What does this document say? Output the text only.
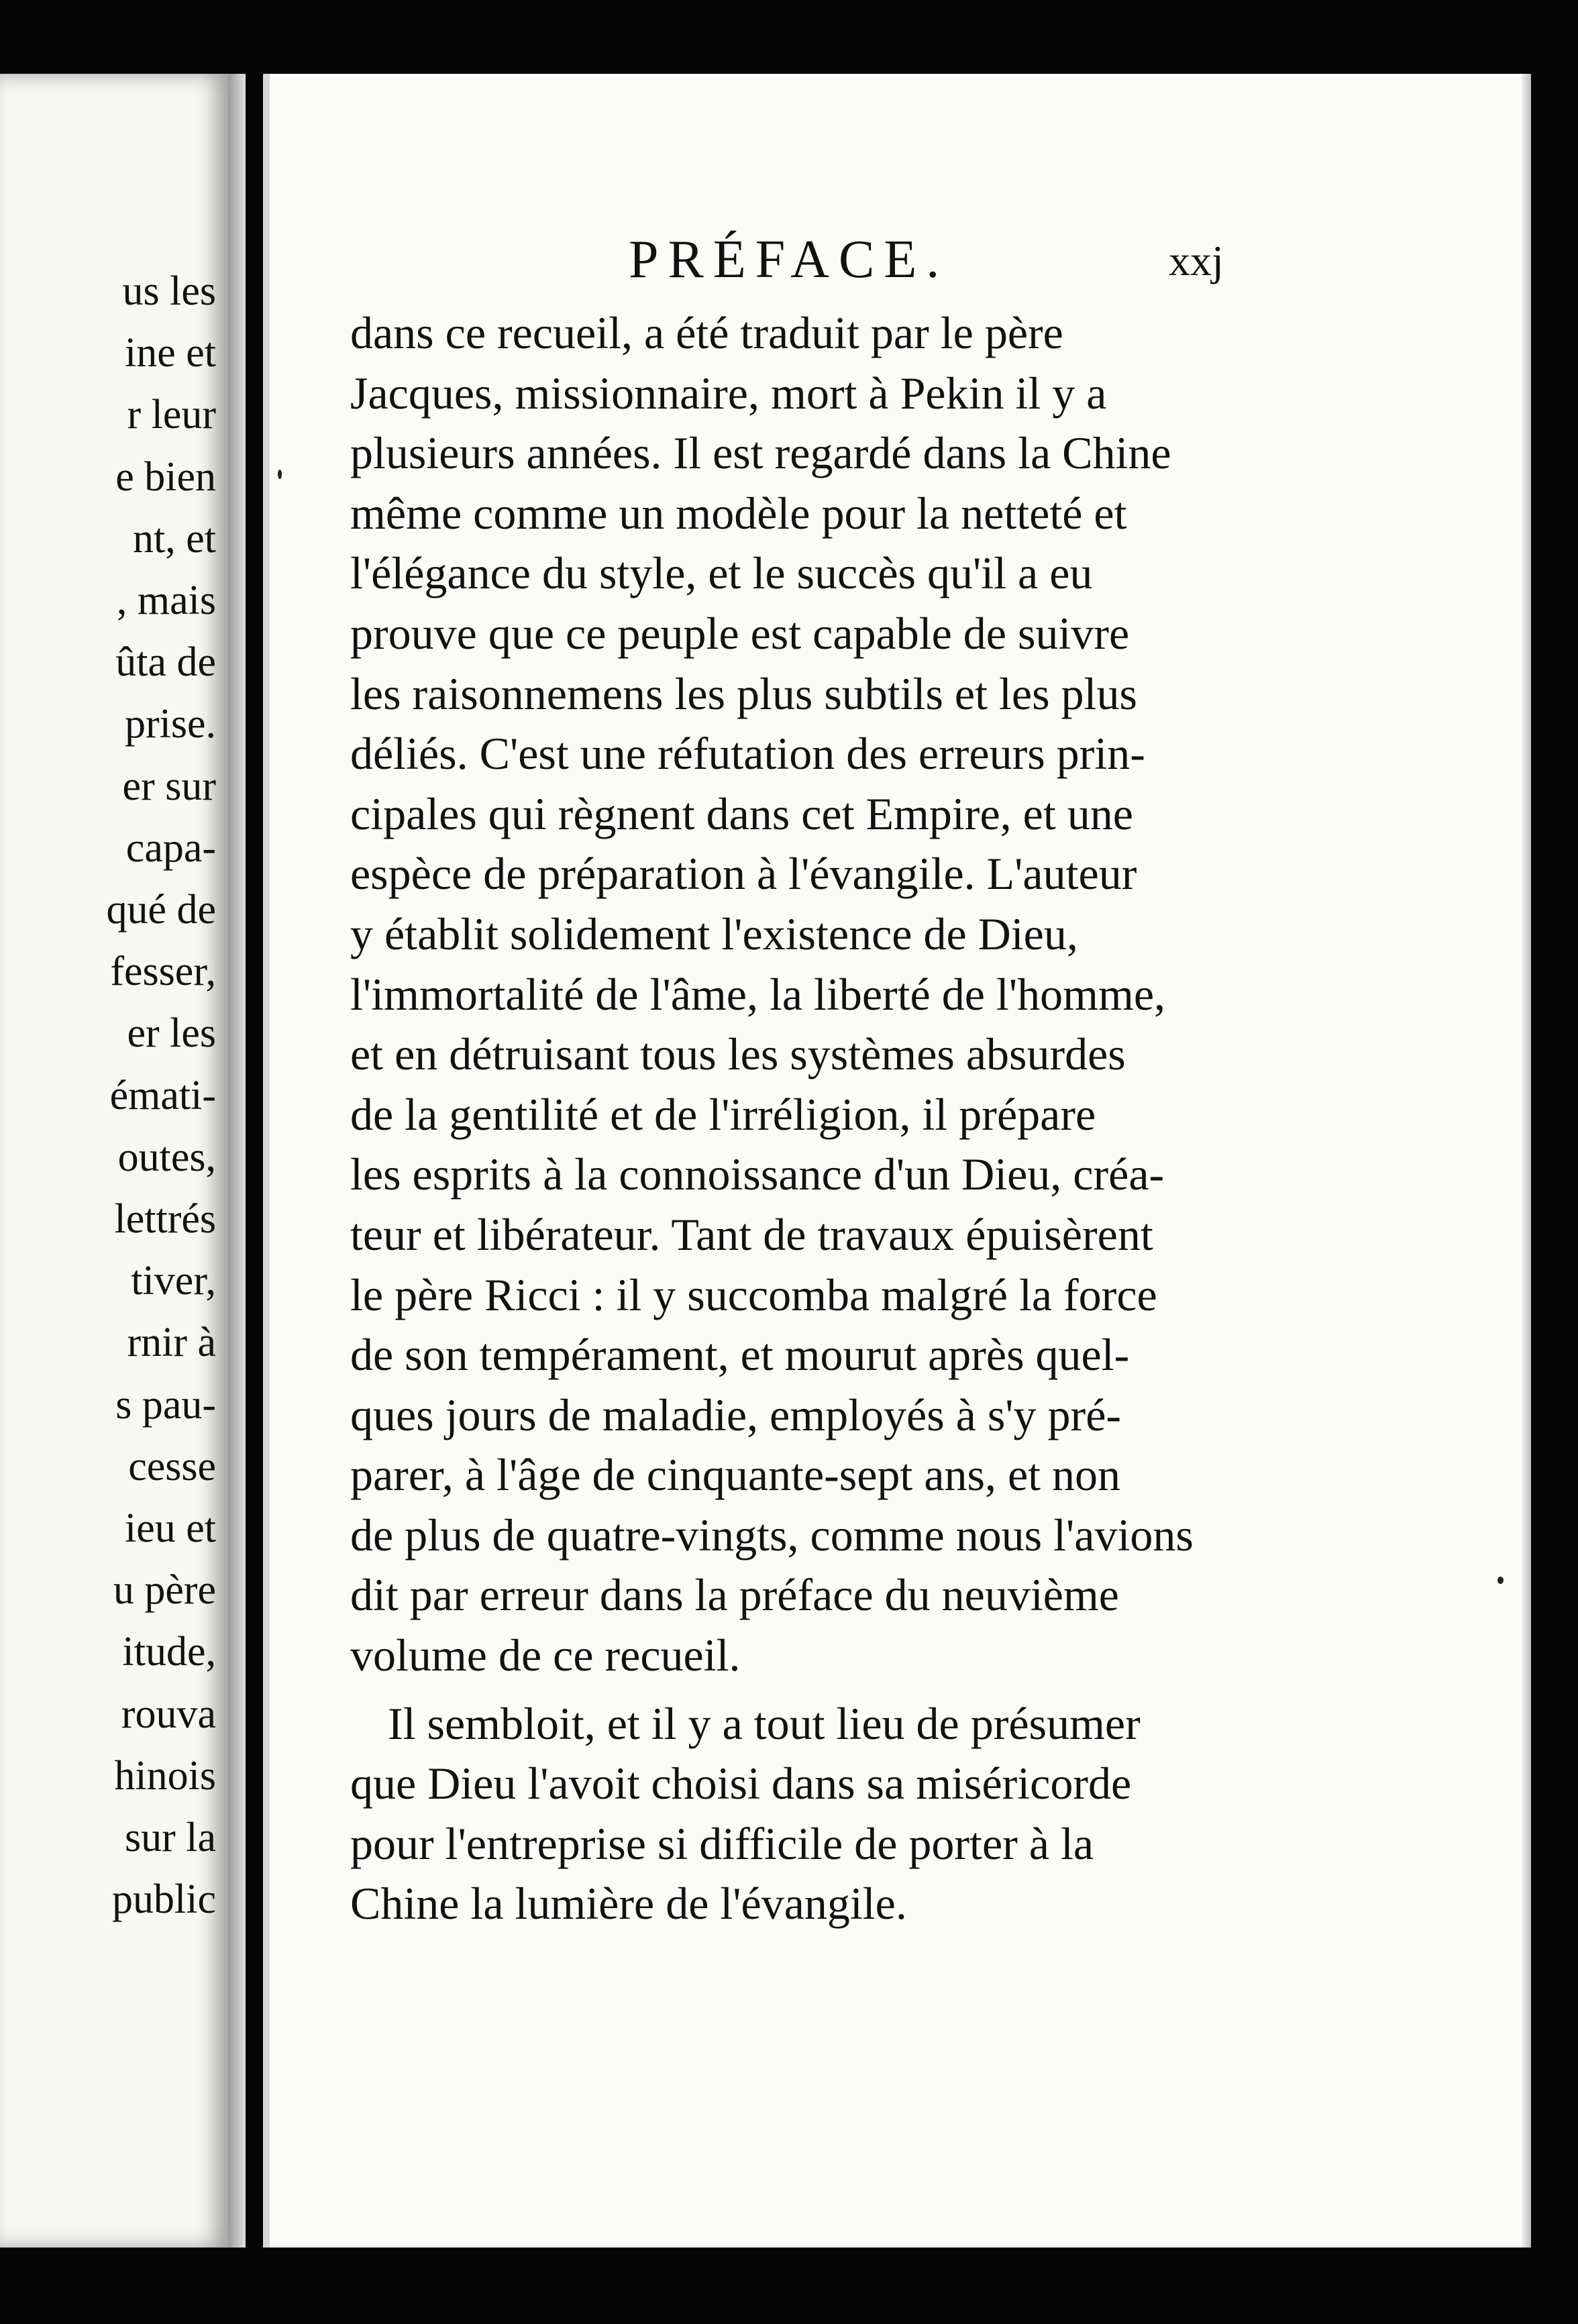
us les
ine et
r leur
e bien
nt, et
, mais
ûta de
prise.
er sur
capa-
qué de
fesser,
er les
émati-
outes,
lettrés
tiver,
rnir à
s pau-
cesse
ieu et
u père
itude,
rouva
hinois
sur la
public
PRÉFACE.	xxj
dans ce recueil, a été traduit par le père
Jacques, missionnaire, mort à Pekin il y a
plusieurs années. Il est regardé dans la Chine
même comme un modèle pour la netteté et
l'élégance du style, et le succès qu'il a eu
prouve que ce peuple est capable de suivre
les raisonnemens les plus subtils et les plus
déliés. C'est une réfutation des erreurs prin-
cipales qui règnent dans cet Empire, et une
espèce de préparation à l'évangile. L'auteur
y établit solidement l'existence de Dieu,
l'immortalité de l'âme, la liberté de l'homme,
et en détruisant tous les systèmes absurdes
de la gentilité et de l'irréligion, il prépare
les esprits à la connoissance d'un Dieu, créa-
teur et libérateur. Tant de travaux épuisèrent
le père Ricci : il y succomba malgré la force
de son tempérament, et mourut après quel-
ques jours de maladie, employés à s'y pré-
parer, à l'âge de cinquante-sept ans, et non
de plus de quatre-vingts, comme nous l'avions
dit par erreur dans la préface du neuvième
volume de ce recueil.
Il sembloit, et il y a tout lieu de présumer
que Dieu l'avoit choisi dans sa miséricorde
pour l'entreprise si difficile de porter à la
Chine la lumière de l'évangile.
